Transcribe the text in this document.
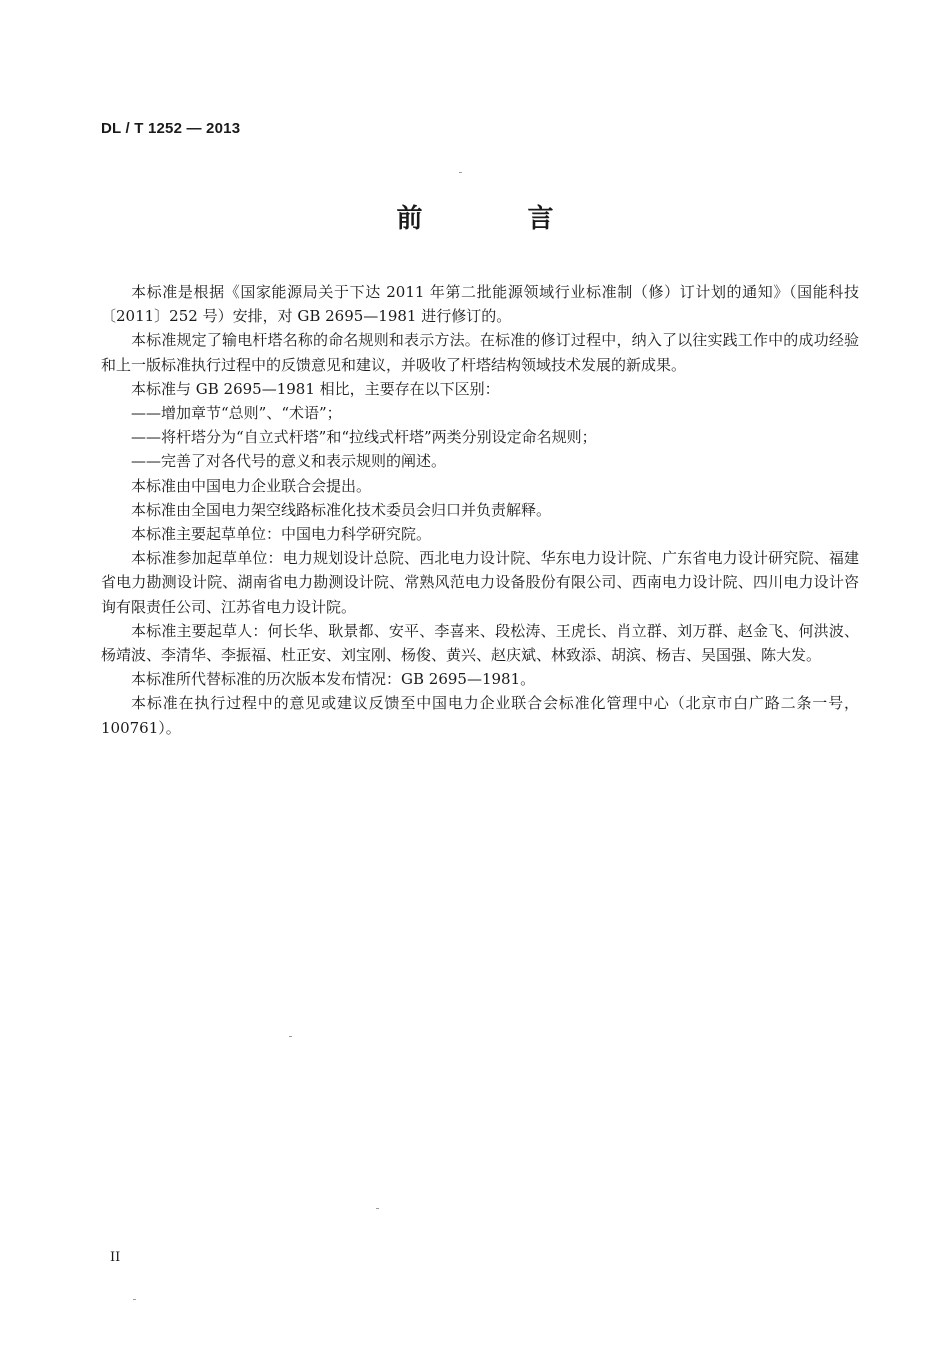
DL / T 1252 — 2013
前 言

本标准是根据《国家能源局关于下达 2011 年第二批能源领域行业标准制（修）订计划的通知》（国能科技〔2011〕252 号）安排，对 GB 2695—1981 进行修订的。

本标准规定了输电杆塔名称的命名规则和表示方法。在标准的修订过程中，纳入了以往实践工作中的成功经验和上一版标准执行过程中的反馈意见和建议，并吸收了杆塔结构领域技术发展的新成果。

本标准与 GB 2695—1981 相比，主要存在以下区别：

——增加章节“总则”、“术语”；

——将杆塔分为“自立式杆塔”和“拉线式杆塔”两类分别设定命名规则；

——完善了对各代号的意义和表示规则的阐述。

本标准由中国电力企业联合会提出。

本标准由全国电力架空线路标准化技术委员会归口并负责解释。

本标准主要起草单位：中国电力科学研究院。

本标准参加起草单位：电力规划设计总院、西北电力设计院、华东电力设计院、广东省电力设计研究院、福建省电力勘测设计院、湖南省电力勘测设计院、常熟风范电力设备股份有限公司、西南电力设计院、四川电力设计咨询有限责任公司、江苏省电力设计院。

本标准主要起草人：何长华、耿景都、安平、李喜来、段松涛、王虎长、肖立群、刘万群、赵金飞、何洪波、杨靖波、李清华、李振福、杜正安、刘宝刚、杨俊、黄兴、赵庆斌、林致添、胡滨、杨吉、吴国强、陈大发。

本标准所代替标准的历次版本发布情况：GB 2695—1981。

本标准在执行过程中的意见或建议反馈至中国电力企业联合会标准化管理中心（北京市白广路二条一号，100761）。

II
